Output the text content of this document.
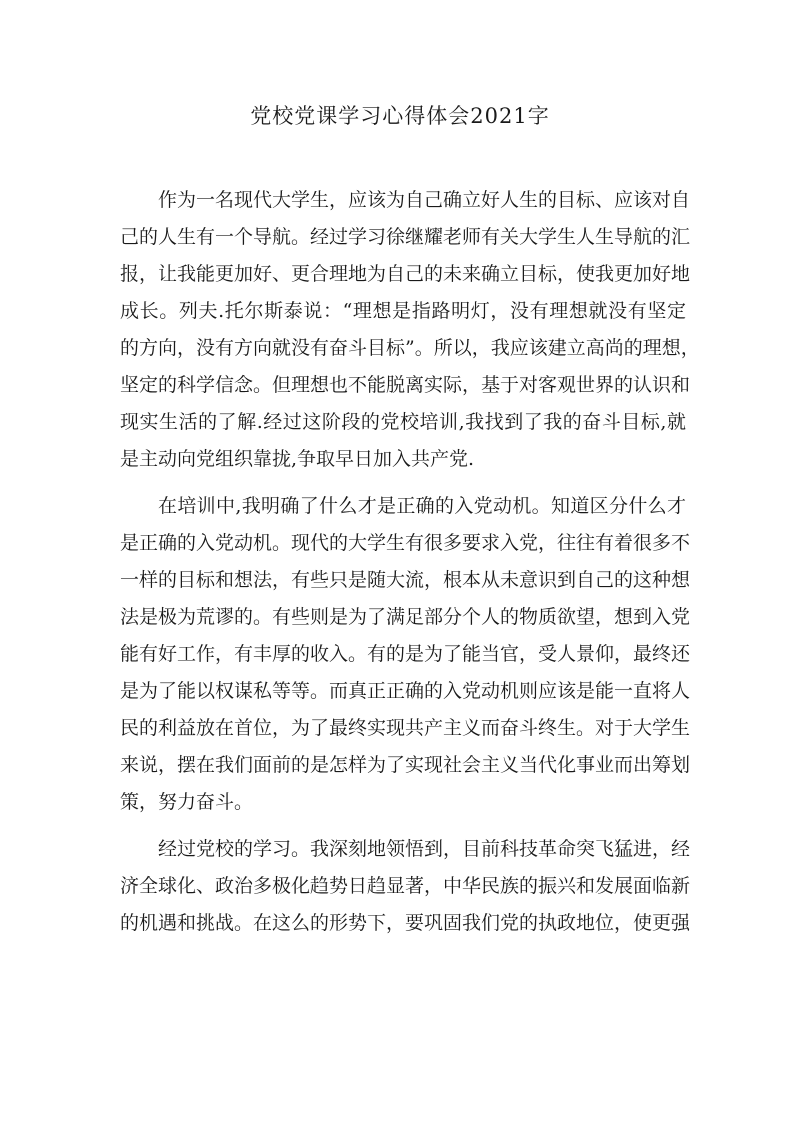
党校党课学习心得体会2021字
作为一名现代大学生，应该为自己确立好人生的目标、应该对自
己的人生有一个导航。经过学习徐继耀老师有关大学生人生导航的汇
报，让我能更加好、更合理地为自己的未来确立目标，使我更加好地
成长。列夫.托尔斯泰说：“理想是指路明灯，没有理想就没有坚定
的方向，没有方向就没有奋斗目标”。所以，我应该建立高尚的理想，
坚定的科学信念。但理想也不能脱离实际，基于对客观世界的认识和
现实生活的了解.经过这阶段的党校培训,我找到了我的奋斗目标,就
是主动向党组织靠拢,争取早日加入共产党.
在培训中,我明确了什么才是正确的入党动机。知道区分什么才
是正确的入党动机。现代的大学生有很多要求入党，往往有着很多不
一样的目标和想法，有些只是随大流，根本从未意识到自己的这种想
法是极为荒谬的。有些则是为了满足部分个人的物质欲望，想到入党
能有好工作，有丰厚的收入。有的是为了能当官，受人景仰，最终还
是为了能以权谋私等等。而真正正确的入党动机则应该是能一直将人
民的利益放在首位，为了最终实现共产主义而奋斗终生。对于大学生
来说，摆在我们面前的是怎样为了实现社会主义当代化事业而出筹划
策，努力奋斗。
经过党校的学习。我深刻地领悟到，目前科技革命突飞猛进，经
济全球化、政治多极化趋势日趋显著，中华民族的振兴和发展面临新
的机遇和挑战。在这么的形势下，要巩固我们党的执政地位，使更强
